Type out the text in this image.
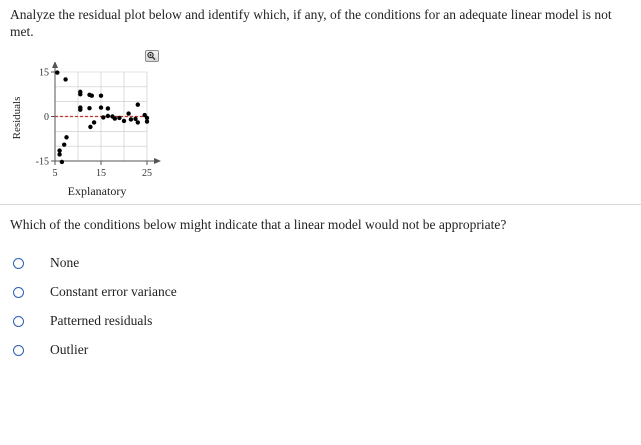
Analyze the residual plot below and identify which, if any, of the conditions for an adequate linear model is not met.
Residuals
Explanatory
15
0
-15
5	15	25
Which of the conditions below might indicate that a linear model would not be appropriate?
None
Constant error variance
Patterned residuals
Outlier
